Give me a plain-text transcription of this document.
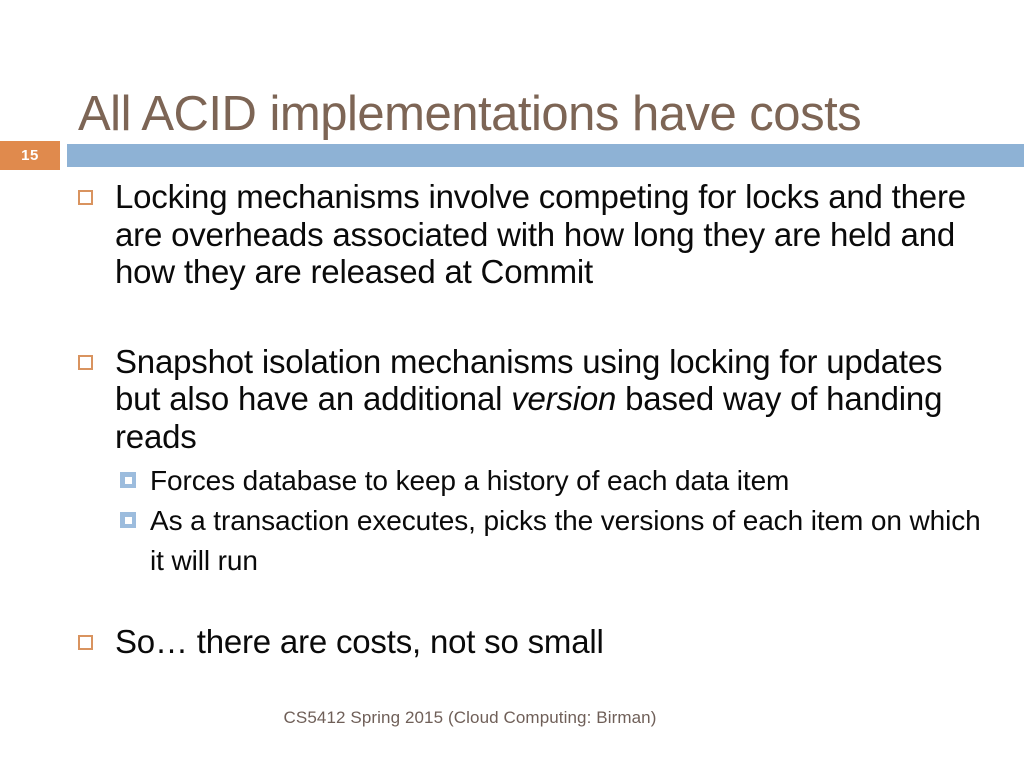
All ACID implementations have costs
15
Locking mechanisms involve competing for locks and there are overheads associated with how long they are held and how they are released at Commit
Snapshot isolation mechanisms using locking for updates but also have an additional version based way of handing reads
Forces database to keep a history of each data item
As a transaction executes, picks the versions of each item on which it will run
So… there are costs, not so small
CS5412 Spring 2015 (Cloud Computing: Birman)
